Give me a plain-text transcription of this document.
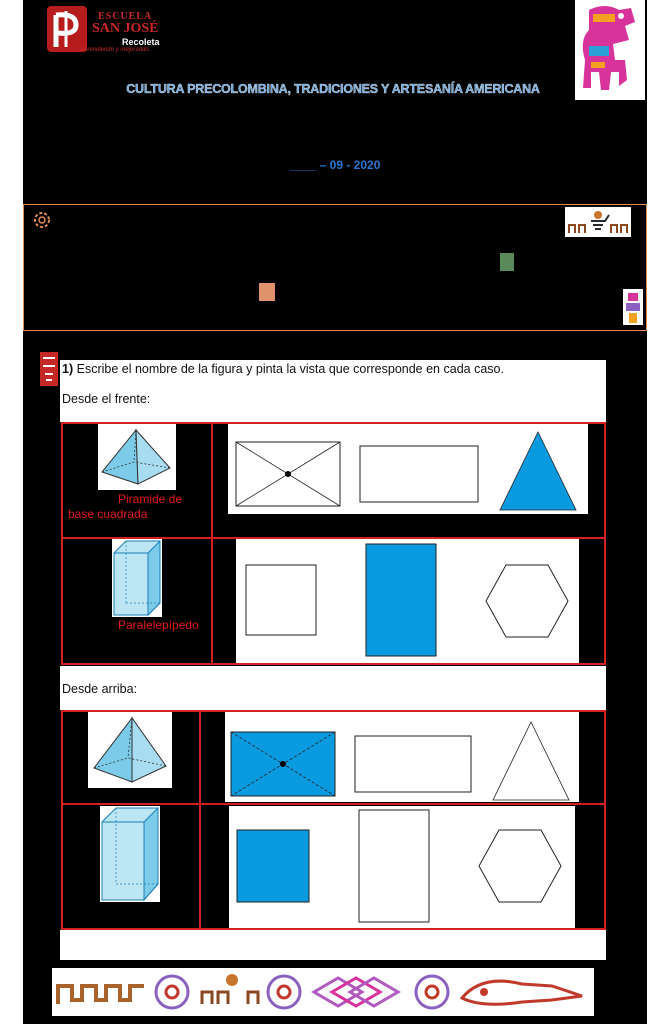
ESCUELA
SAN JOSÉ
Recoleta
Aprendiendo y mejorando.
CULTURA PRECOLOMBINA, TRADICIONES Y ARTESANÍA AMERICANA
____ – 09 - 2020
1) Escribe el nombre de la figura y pinta la vista que corresponde en cada caso.
Desde el frente:
Piramide de base cuadrada
Paralelepípedo
Desde arriba:
